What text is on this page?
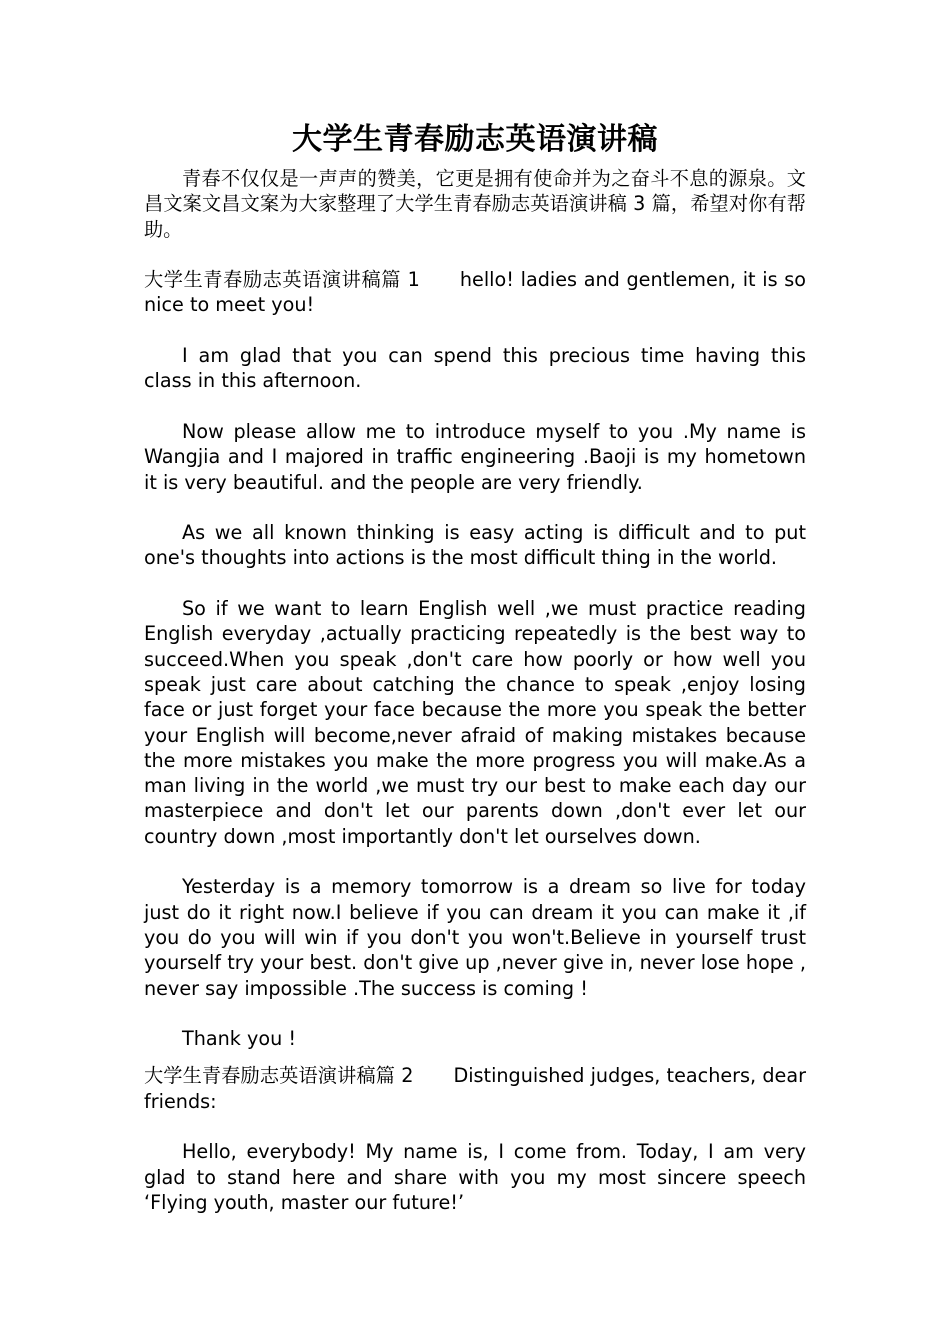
大学生青春励志英语演讲稿

青春不仅仅是一声声的赞美，它更是拥有使命并为之奋斗不息的源泉。文昌文案文昌文案为大家整理了大学生青春励志英语演讲稿 3 篇，希望对你有帮助。

大学生青春励志英语演讲稿篇 1 hello! ladies and gentlemen, it is so nice to meet you!

I am glad that you can spend this precious time having this class in this afternoon.

Now please allow me to introduce myself to you .My name is Wangjia and I majored in traffic engineering .Baoji is my hometown it is very beautiful. and the people are very friendly.

As we all known thinking is easy acting is difficult and to put one's thoughts into actions is the most difficult thing in the world.

So if we want to learn English well ,we must practice reading English everyday ,actually practicing repeatedly is the best way to succeed.When you speak ,don't care how poorly or how well you speak just care about catching the chance to speak ,enjoy losing face or just forget your face because the more you speak the better your English will become,never afraid of making mistakes because the more mistakes you make the more progress you will make.As a man living in the world ,we must try our best to make each day our masterpiece and don't let our parents down ,don't ever let our country down ,most importantly don't let ourselves down.

Yesterday is a memory tomorrow is a dream so live for today just do it right now.I believe if you can dream it you can make it ,if you do you will win if you don't you won't.Believe in yourself trust yourself try your best. don't give up ,never give in, never lose hope , never say impossible .The success is coming !

Thank you !

大学生青春励志英语演讲稿篇 2 Distinguished judges, teachers, dear friends:

Hello, everybody! My name is, I come from. Today, I am very glad to stand here and share with you my most sincere speech ‘Flying youth, master our future!’
